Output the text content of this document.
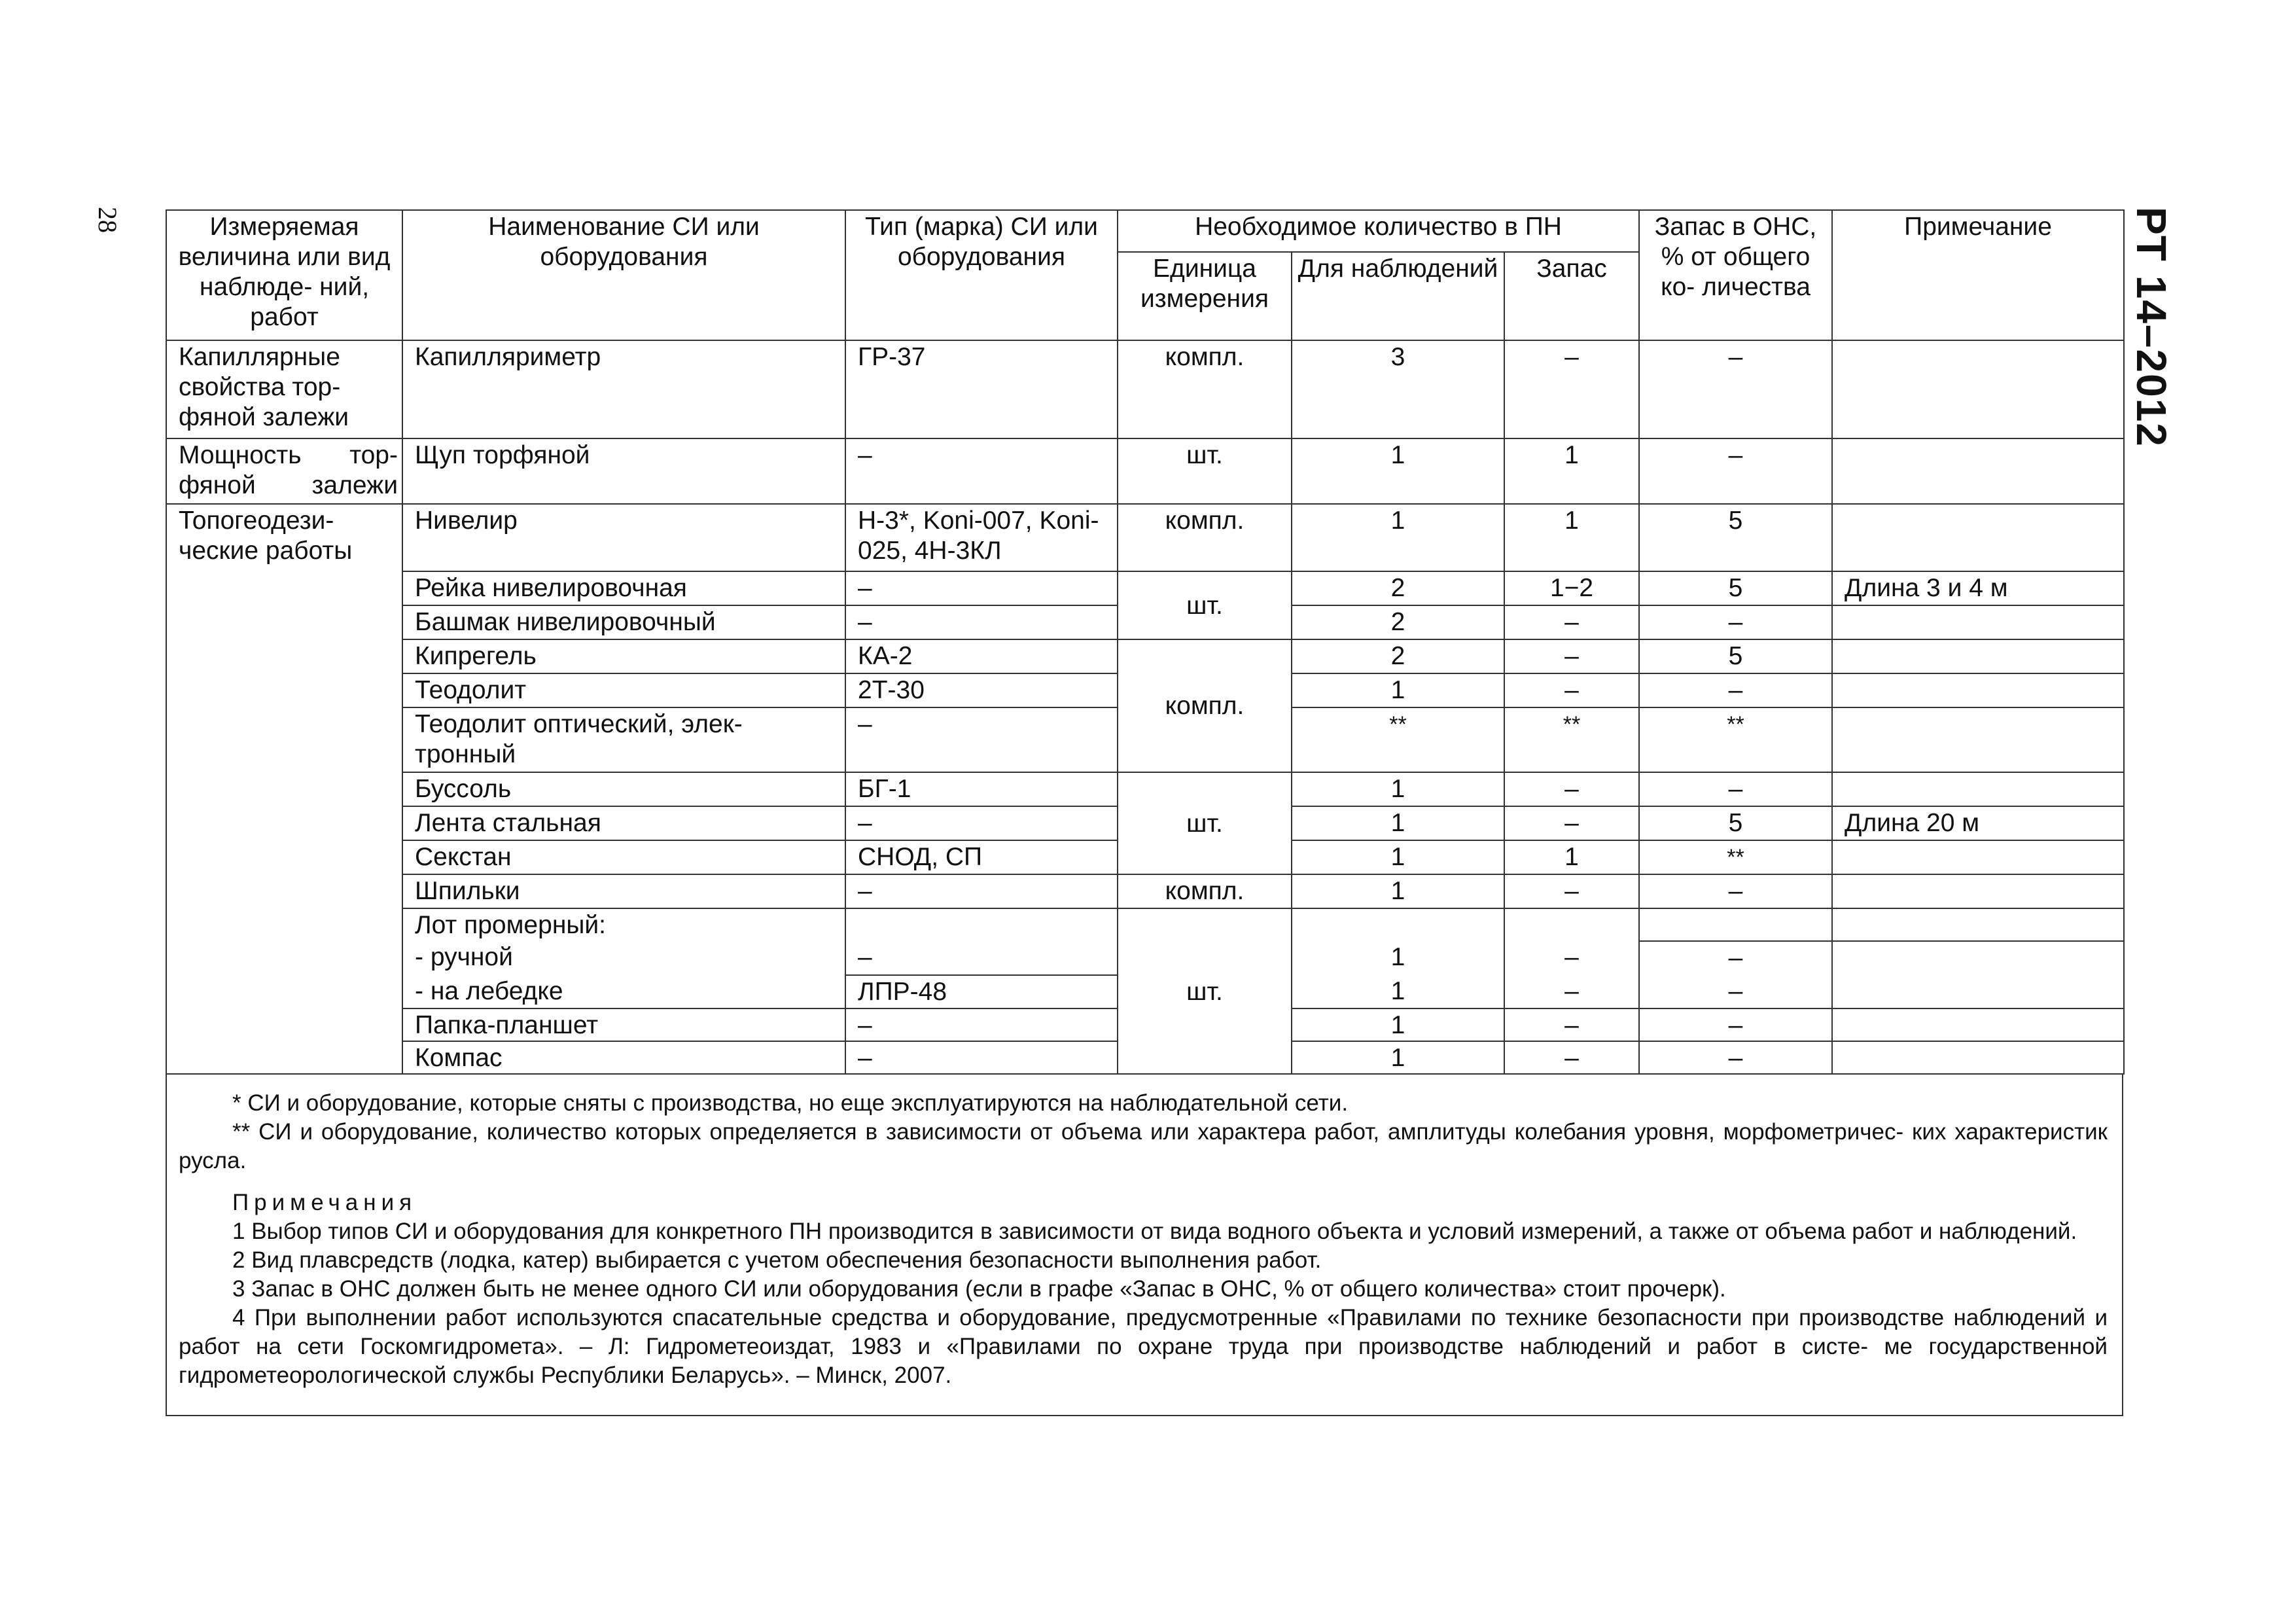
28	РТ 14–2012
Измеряемая величина или вид наблюде- ний, работ	Наименование СИ или оборудования	Тип (марка) СИ или оборудования	Необходимое количество в ПН			Запас в ОНС, % от общего ко- личества	Примечание
			Единица измерения	Для наблюдений	Запас		
Капиллярные свойства тор- фяной залежи	Капилляриметр	ГР-37	компл.	3	–	–	
Мощность тор- фяной залежи	Щуп торфяной	–	шт.	1	1	–	
Топогеодези- ческие работы	Нивелир	Н-3*, Koni-007, Koni-025, 4Н-3КЛ	компл.	1	1	5	
	Рейка нивелировочная	–	шт.	2	1−2	5	Длина 3 и 4 м
	Башмак нивелировочный	–		2	–	–	
	Кипрегель	КА-2	компл.	2	–	5	
	Теодолит	2Т-30		1	–	–	
	Теодолит оптический, элек- тронный	–		**	**	**	
	Буссоль	БГ-1	шт.	1	–	–	
	Лента стальная	–		1	–	5	Длина 20 м
	Секстан	СНОД, СП		1	1	**	
	Шпильки	–	компл.	1	–	–	
	Лот промерный:		шт.				
	- ручной	–		1	–	–	
	- на лебедке	ЛПР-48		1	–	–	
	Папка-планшет	–		1	–	–	
	Компас	–		1	–	–	

* СИ и оборудование, которые сняты с производства, но еще эксплуатируются на наблюдательной сети.

** СИ и оборудование, количество которых определяется в зависимости от объема или характера работ, амплитуды колебания уровня, морфометричес- ких характеристик русла.

Примечания

1 Выбор типов СИ и оборудования для конкретного ПН производится в зависимости от вида водного объекта и условий измерений, а также от объема работ и наблюдений.

2 Вид плавсредств (лодка, катер) выбирается с учетом обеспечения безопасности выполнения работ.

3 Запас в ОНС должен быть не менее одного СИ или оборудования (если в графе «Запас в ОНС, % от общего количества» стоит прочерк).

4 При выполнении работ используются спасательные средства и оборудование, предусмотренные «Правилами по технике безопасности при производстве наблюдений и работ на сети Госкомгидромета». – Л: Гидрометеоиздат, 1983 и «Правилами по охране труда при производстве наблюдений и работ в систе- ме государственной гидрометеорологической службы Республики Беларусь». – Минск, 2007.
